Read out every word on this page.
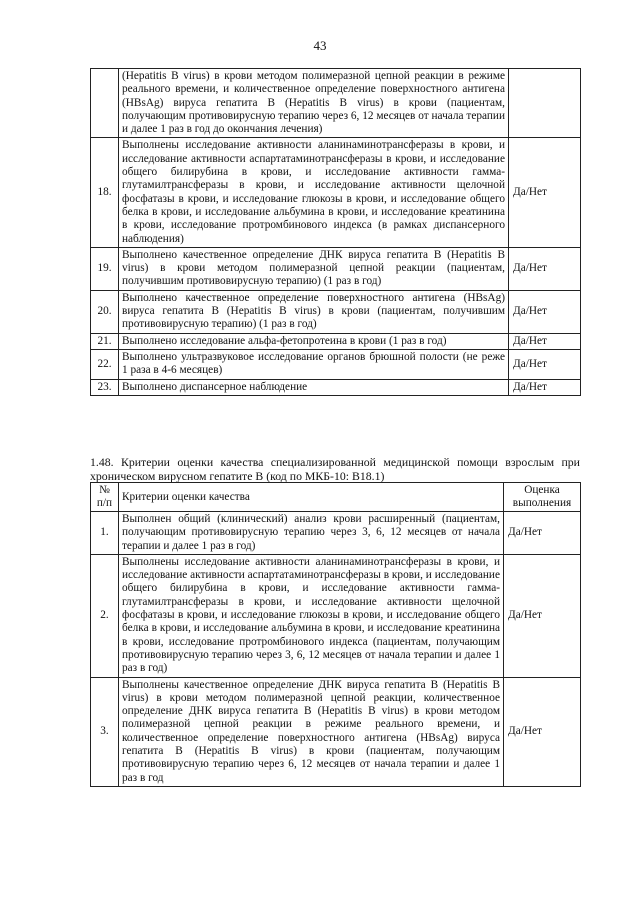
43
	(Hepatitis B virus) в крови методом полимеразной цепной реакции в режиме реального времени, и количественное определение поверхностного антигена (HBsAg) вируса гепатита В (Hepatitis B virus) в крови (пациентам, получающим противовирусную терапию через 6, 12 месяцев от начала терапии и далее 1 раз в год до окончания лечения)	
18.	Выполнены исследование активности аланинаминотрансферазы в крови, и исследование активности аспартатаминотрансферазы в крови, и исследование общего билирубина в крови, и исследование активности гамма-глутамилтрансферазы в крови, и исследование активности щелочной фосфатазы в крови, и исследование глюкозы в крови, и исследование общего белка в крови, и исследование альбумина в крови, и исследование креатинина в крови, исследование протромбинового индекса (в рамках диспансерного наблюдения)	Да/Нет
19.	Выполнено качественное определение ДНК вируса гепатита В (Hepatitis B virus) в крови методом полимеразной цепной реакции (пациентам, получившим противовирусную терапию) (1 раз в год)	Да/Нет
20.	Выполнено качественное определение поверхностного антигена (HBsAg) вируса гепатита В (Hepatitis B virus) в крови (пациентам, получившим противовирусную терапию) (1 раз в год)	Да/Нет
21.	Выполнено исследование альфа-фетопротеина в крови (1 раз в год)	Да/Нет
22.	Выполнено ультразвуковое исследование органов брюшной полости (не реже 1 раза в 4-6 месяцев)	Да/Нет
23.	Выполнено диспансерное наблюдение	Да/Нет
1.48. Критерии оценки качества специализированной медицинской помощи взрослым при хроническом вирусном гепатите В (код по МКБ-10: B18.1)
№ п/п	Критерии оценки качества	Оценка выполнения
1.	Выполнен общий (клинический) анализ крови расширенный (пациентам, получающим противовирусную терапию через 3, 6, 12 месяцев от начала терапии и далее 1 раз в год)	Да/Нет
2.	Выполнены исследование активности аланинаминотрансферазы в крови, и исследование активности аспартатаминотрансферазы в крови, и исследование общего билирубина в крови, и исследование активности гамма-глутамилтрансферазы в крови, и исследование активности щелочной фосфатазы в крови, и исследование глюкозы в крови, и исследование общего белка в крови, и исследование альбумина в крови, и исследование креатинина в крови, исследование протромбинового индекса (пациентам, получающим противовирусную терапию через 3, 6, 12 месяцев от начала терапии и далее 1 раз в год)	Да/Нет
3.	Выполнены качественное определение ДНК вируса гепатита В (Hepatitis B virus) в крови методом полимеразной цепной реакции, количественное определение ДНК вируса гепатита В (Hepatitis B virus) в крови методом полимеразной цепной реакции в режиме реального времени, и количественное определение поверхностного антигена (HBsAg) вируса гепатита В (Hepatitis B virus) в крови (пациентам, получающим противовирусную терапию через 6, 12 месяцев от начала терапии и далее 1 раз в год	Да/Нет
